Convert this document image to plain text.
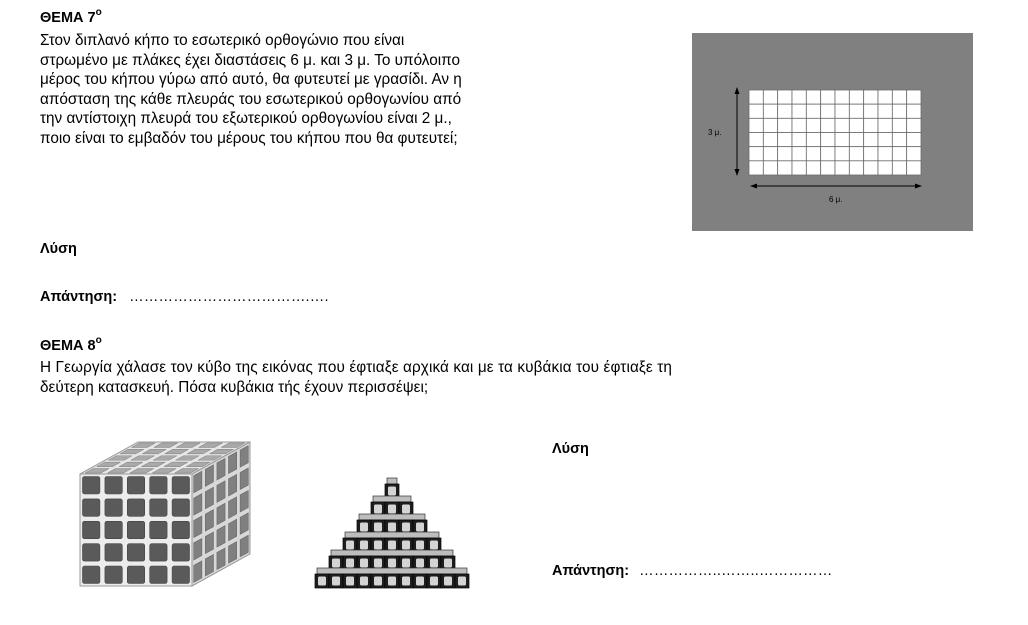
ΘΕΜΑ $7^o$
Στον διπλανό κήπο το εσωτερικό ορθογώνιο που είναι
στρωμένο με πλάκες έχει διαστάσεις 6 μ. και 3 μ. Το υπόλοιπο
μέρος του κήπου γύρω από αυτό, θα φυτευτεί με γρασίδι. Αν η
απόσταση της κάθε πλευράς του εσωτερικού ορθογωνίου από
την αντίστοιχη πλευρά του εξωτερικού ορθογωνίου είναι 2 μ.,
ποιο είναι το εμβαδόν του μέρους του κήπου που θα φυτευτεί;	3 μ.
6 μ.
Λύση
Απάντηση: ……………………………….….
ΘΕΜΑ $8^o$
Η Γεωργία χάλασε τον κύβο της εικόνας που έφτιαξε αρχικά και με τα κυβάκια του έφτιαξε τη
δεύτερη κατασκευή. Πόσα κυβάκια τής έχουν περισσέψει;
Λύση
Απάντηση: ……………..……..……………
